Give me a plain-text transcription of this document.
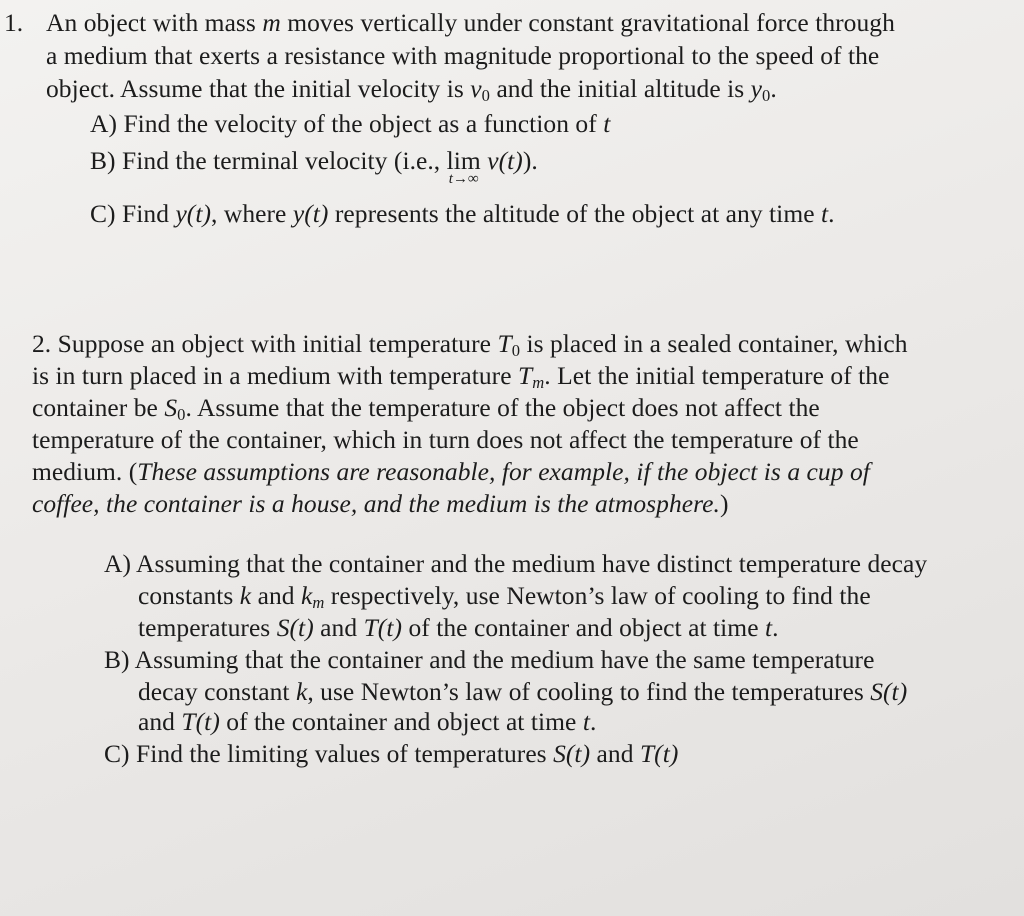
1. An object with mass m moves vertically under constant gravitational force through
a medium that exerts a resistance with magnitude proportional to the speed of the
object. Assume that the initial velocity is $v_0$ and the initial altitude is $y_0$.
A) Find the velocity of the object as a function of t
B) Find the terminal velocity (i.e., lim
t→∞
v(t)).
C) Find y(t), where y(t) represents the altitude of the object at any time t.
2. Suppose an object with initial temperature $T_0$ is placed in a sealed container, which
is in turn placed in a medium with temperature $T_m$. Let the initial temperature of the
container be $S_0$. Assume that the temperature of the object does not affect the
temperature of the container, which in turn does not affect the temperature of the
medium. (These assumptions are reasonable, for example, if the object is a cup of
coffee, the container is a house, and the medium is the atmosphere.)
A) Assuming that the container and the medium have distinct temperature decay
constants k and $k_m$ respectively, use Newton’s law of cooling to find the
temperatures S(t) and T(t) of the container and object at time t.
B) Assuming that the container and the medium have the same temperature
decay constant k, use Newton’s law of cooling to find the temperatures S(t)
and T(t) of the container and object at time t.
C) Find the limiting values of temperatures S(t) and T(t)
